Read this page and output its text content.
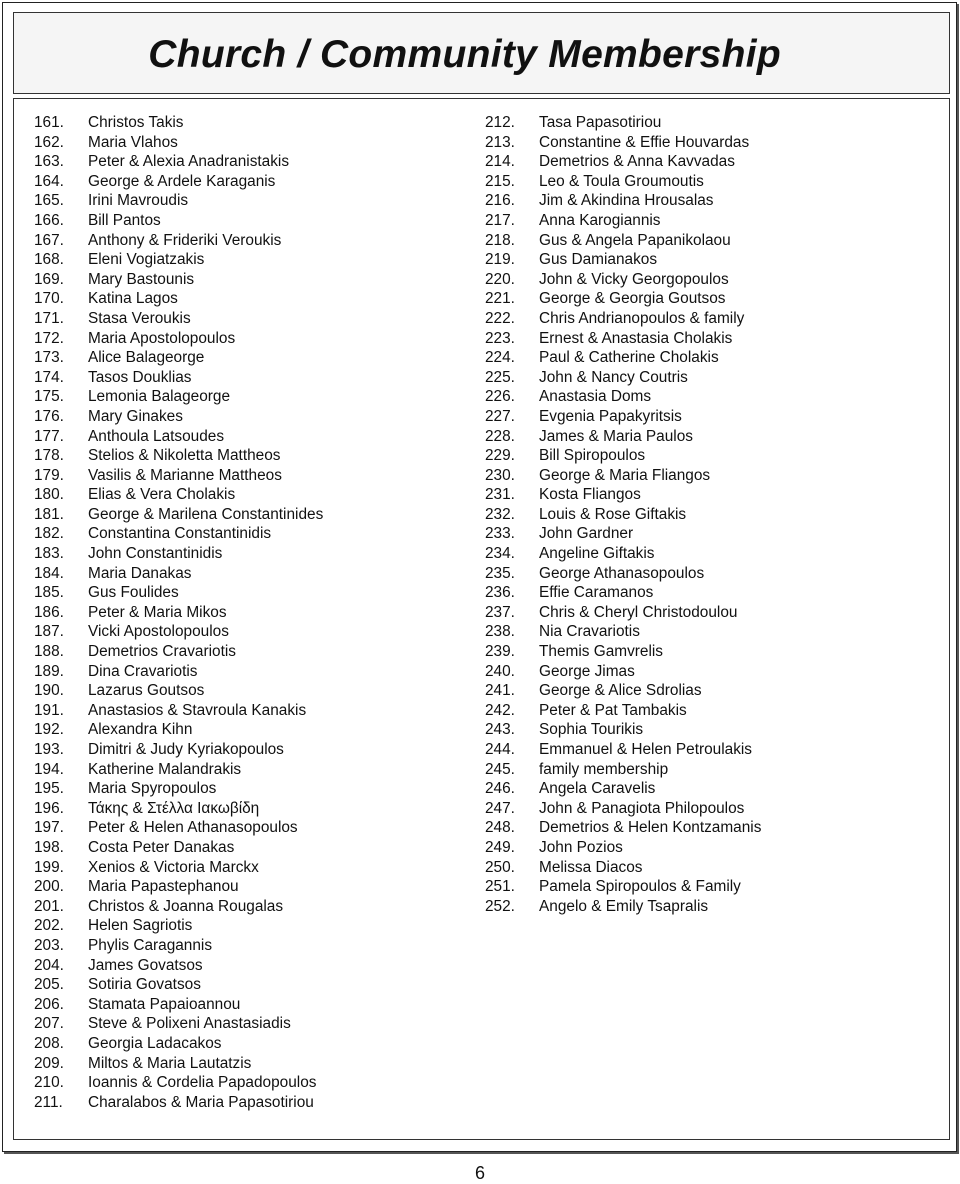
Church / Community Membership
161.	Christos Takis
162.	Maria Vlahos
163.	Peter & Alexia Anadranistakis
164.	George & Ardele Karaganis
165.	Irini Mavroudis
166.	Bill Pantos
167.	Anthony & Frideriki Veroukis
168.	Eleni Vogiatzakis
169.	Mary Bastounis
170.	Katina Lagos
171.	Stasa Veroukis
172.	Maria Apostolopoulos
173.	Alice Balageorge
174.	Tasos Douklias
175.	Lemonia Balageorge
176.	Mary Ginakes
177.	Anthoula Latsoudes
178.	Stelios & Nikoletta Mattheos
179.	Vasilis & Marianne Mattheos
180.	Elias & Vera Cholakis
181.	George & Marilena Constantinides
182.	Constantina Constantinidis
183.	John Constantinidis
184.	Maria Danakas
185.	Gus Foulides
186.	Peter & Maria Mikos
187.	Vicki Apostolopoulos
188.	Demetrios Cravariotis
189.	Dina Cravariotis
190.	Lazarus Goutsos
191.	Anastasios & Stavroula Kanakis
192.	Alexandra Kihn
193.	Dimitri & Judy Kyriakopoulos
194.	Katherine Malandrakis
195.	Maria Spyropoulos
196.	Τάκης & Στέλλα Ιακωβίδη
197.	Peter & Helen Athanasopoulos
198.	Costa Peter Danakas
199.	Xenios & Victoria Marckx
200.	Maria Papastephanou
201.	Christos & Joanna Rougalas
202.	Helen Sagriotis
203.	Phylis Caragannis
204.	James Govatsos
205.	Sotiria Govatsos
206.	Stamata Papaioannou
207.	Steve & Polixeni Anastasiadis
208.	Georgia Ladacakos
209.	Miltos & Maria Lautatzis
210.	Ioannis & Cordelia Papadopoulos
211.	Charalabos & Maria Papasotiriou
212.	Tasa Papasotiriou
213.	Constantine & Effie Houvardas
214.	Demetrios & Anna Kavvadas
215.	Leo & Toula Groumoutis
216.	Jim & Akindina Hrousalas
217.	Anna Karogiannis
218.	Gus & Angela Papanikolaou
219.	Gus Damianakos
220.	John & Vicky Georgopoulos
221.	George & Georgia Goutsos
222.	Chris Andrianopoulos & family
223.	Ernest & Anastasia Cholakis
224.	Paul & Catherine Cholakis
225.	John & Nancy Coutris
226.	Anastasia Doms
227.	Evgenia Papakyritsis
228.	James & Maria Paulos
229.	Bill Spiropoulos
230.	George & Maria Fliangos
231.	Kosta Fliangos
232.	Louis & Rose Giftakis
233.	John Gardner
234.	Angeline Giftakis
235.	George Athanasopoulos
236.	Effie Caramanos
237.	Chris & Cheryl Christodoulou
238.	Nia Cravariotis
239.	Themis Gamvrelis
240.	George Jimas
241.	George & Alice Sdrolias
242.	Peter & Pat Tambakis
243.	Sophia Tourikis
244.	Emmanuel & Helen Petroulakis
245.	family membership
246.	Angela Caravelis
247.	John & Panagiota Philopoulos
248.	Demetrios & Helen Kontzamanis
249.	John Pozios
250.	Melissa Diacos
251.	Pamela Spiropoulos & Family
252.	Angelo & Emily Tsapralis
6
